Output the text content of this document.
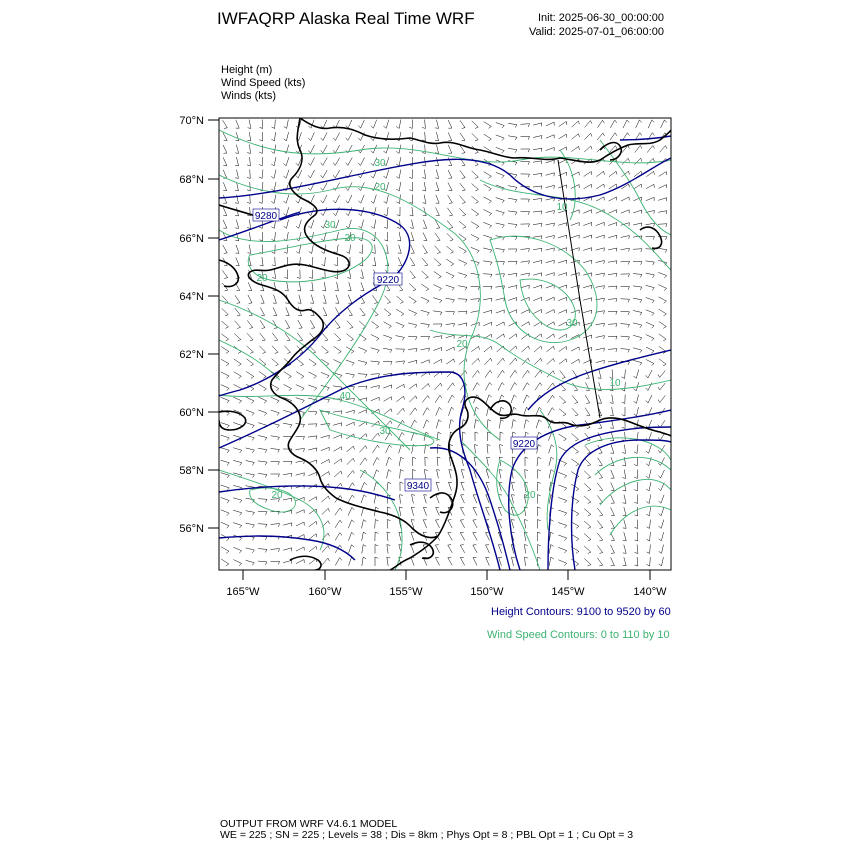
IWFAQRP Alaska Real Time WRF	Init: 2025-06-30_00:00:00
Valid: 2025-07-01_06:00:00
Height (m)
Wind Speed (kts)
Winds (kts)
70°N
68°N
66°N
64°N
62°N
60°N
58°N
56°N
165°W	160°W	155°W	150°W	145°W	140°W
9280
9220
9220
9340
30
20
20
30
20
10
40
30
20
10
20
20
30
Height Contours: 9100 to 9520 by 60
Wind Speed Contours: 0 to 110 by 10
OUTPUT FROM WRF V4.6.1 MODEL
WE = 225 ; SN = 225 ; Levels = 38 ; Dis = 8km ; Phys Opt = 8 ; PBL Opt = 1 ; Cu Opt = 3
